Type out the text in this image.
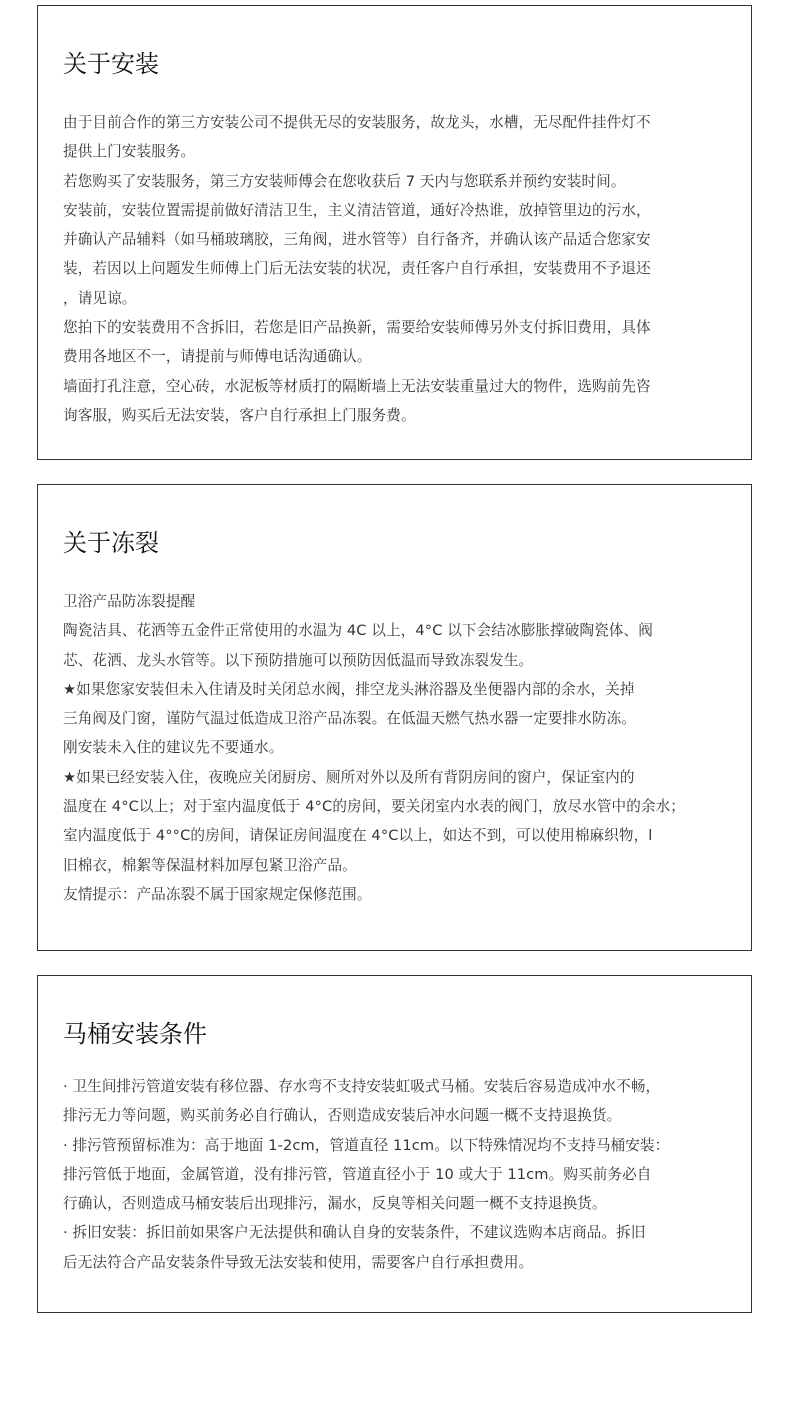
关于安装

由于目前合作的第三方安装公司不提供无尽的安装服务，故龙头，水槽，无尽配件挂件灯不

提供上门安装服务。

若您购买了安装服务，第三方安装师傅会在您收获后 7 天内与您联系并预约安装时间。

安装前，安装位置需提前做好清洁卫生，主义清洁管道，通好冷热谁，放掉管里边的污水，

并确认产品辅料（如马桶玻璃胶，三角阀，进水管等）自行备齐，并确认该产品适合您家安

装，若因以上问题发生师傅上门后无法安装的状况，责任客户自行承担，安装费用不予退还

，请见谅。

您拍下的安装费用不含拆旧，若您是旧产品换新，需要给安装师傅另外支付拆旧费用，具体

费用各地区不一，请提前与师傅电话沟通确认。

墙面打孔注意，空心砖，水泥板等材质打的隔断墙上无法安装重量过大的物件，选购前先咨

询客服，购买后无法安装，客户自行承担上门服务费。

关于冻裂

卫浴产品防冻裂提醒

陶瓷洁具、花洒等五金件正常使用的水温为 4C 以上，4°C 以下会结冰膨胀撑破陶瓷体、阀

芯、花洒、龙头水管等。以下预防措施可以预防因低温而导致冻裂发生。

★如果您家安装但未入住请及时关闭总水阀，排空龙头淋浴器及坐便器内部的余水，关掉

三角阀及门窗，谨防气温过低造成卫浴产品冻裂。在低温天燃气热水器一定要排水防冻。

刚安装未入住的建议先不要通水。

★如果已经安装入住，夜晚应关闭厨房、厕所对外以及所有背阴房间的窗户，保证室内的

温度在 4°C以上；对于室内温度低于 4°C的房间，要关闭室内水表的阀门，放尽水管中的余水；

室内温度低于 4°°C的房间，请保证房间温度在 4°C以上，如达不到，可以使用棉麻织物，l

旧棉衣，棉絮等保温材料加厚包紧卫浴产品。

友情提示：产品冻裂不属于国家规定保修范围。

马桶安装条件

· 卫生间排污管道安装有移位器、存水弯不支持安装虹吸式马桶。安装后容易造成冲水不畅，

排污无力等问题，购买前务必自行确认，否则造成安装后冲水问题一概不支持退换货。

· 排污管预留标准为：高于地面 1-2cm，管道直径 11cm。以下特殊情况均不支持马桶安装：

排污管低于地面，金属管道，没有排污管，管道直径小于 10 或大于 11cm。购买前务必自

行确认，否则造成马桶安装后出现排污，漏水，反臭等相关问题一概不支持退换货。

· 拆旧安装：拆旧前如果客户无法提供和确认自身的安装条件，不建议选购本店商品。拆旧

后无法符合产品安装条件导致无法安装和使用，需要客户自行承担费用。
